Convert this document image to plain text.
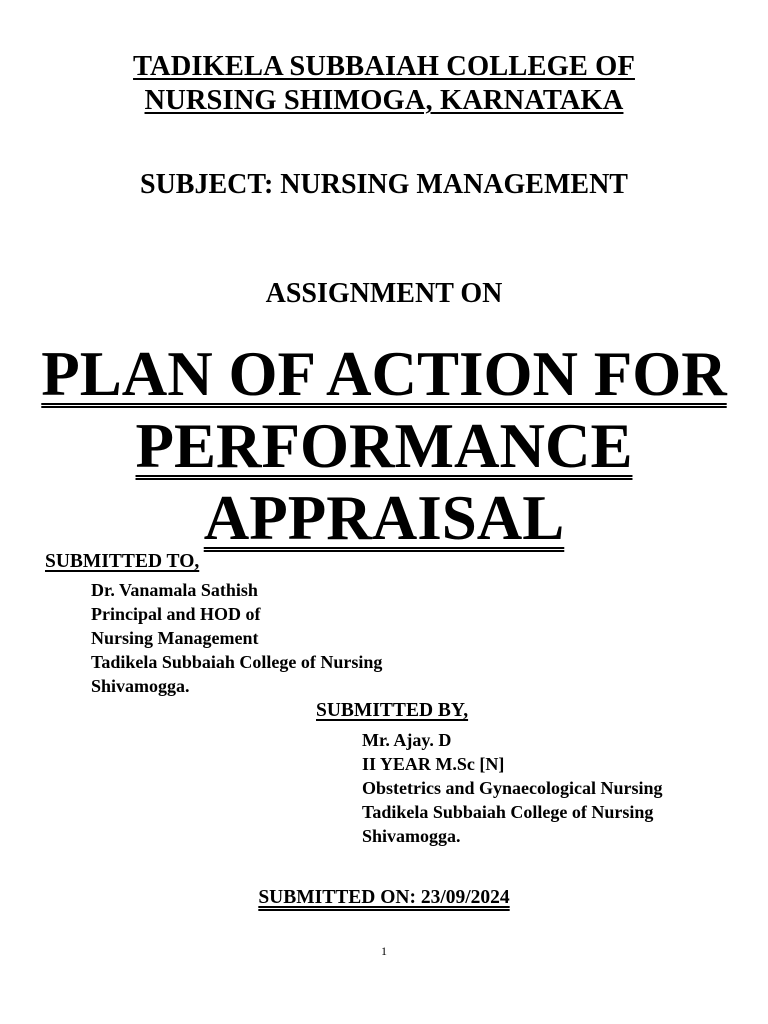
TADIKELA SUBBAIAH COLLEGE OF
NURSING SHIMOGA, KARNATAKA
SUBJECT: NURSING MANAGEMENT
ASSIGNMENT ON
PLAN OF ACTION FOR
PERFORMANCE
APPRAISAL
SUBMITTED TO,
Dr. Vanamala Sathish
Principal and HOD of
Nursing Management
Tadikela Subbaiah College of Nursing
Shivamogga.
SUBMITTED BY,
Mr. Ajay. D
II YEAR M.Sc [N]
Obstetrics and Gynaecological Nursing
Tadikela Subbaiah College of Nursing
Shivamogga.
SUBMITTED ON: 23/09/2024
1
